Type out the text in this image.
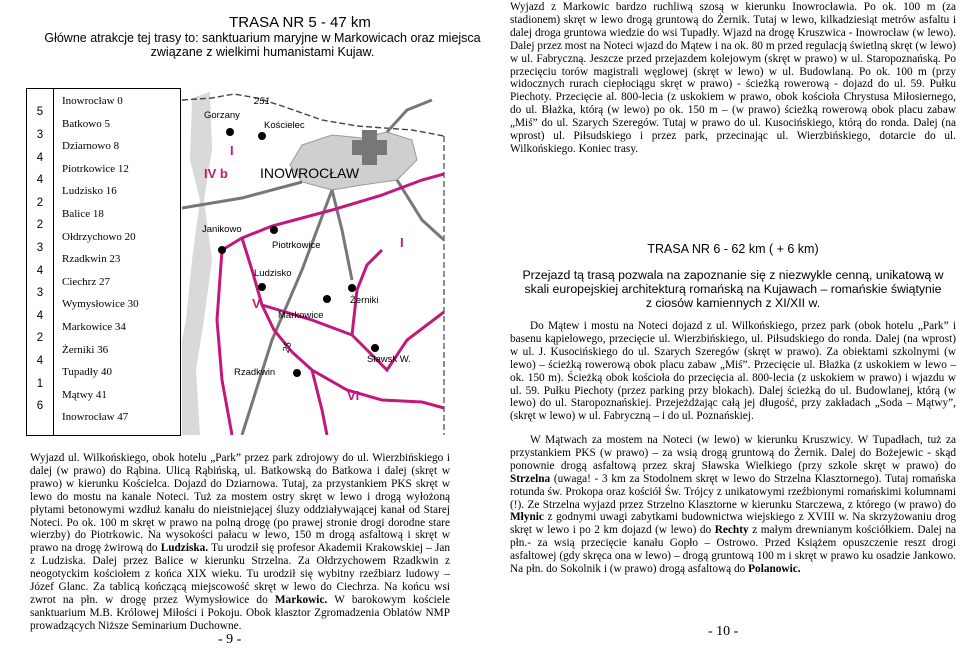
TRASA NR 5 - 47 km
Główne atrakcje tej trasy to: sanktuarium maryjne w Markowicach oraz miejsca związane z wielkimi humanistami Kujaw.
5
3
4
4
2
2
3
4
3
4
2
4
1
6
Inowrocław 0
Batkowo 5
Dziarnowo 8
Piotrkowice 12
Ludzisko 16
Balice 18
Ołdrzychowo 20
Rzadkwin 23
Ciechrz 27
Wymysłowice 30
Markowice 34
Żerniki 36
Tupadły 40
Mątwy 41
Inowrocław 47
Gorzany
Kościelec
Janikowo
Piotrkowice
Ludzisko
Markowice
Żerniki
Rzadkwin
Sławsk W.
251
25
INOWROCŁAW
IV b
I
V
VI
I

Wyjazd ul. Wilkońskiego, obok hotelu „Park” przez park zdrojowy do ul. Wierzbińskiego i dalej (w prawo) do Rąbina. Ulicą Rąbińską, ul. Batkowską do Batkowa i dalej (skręt w prawo) w kierunku Kościelca. Dojazd do Dziarnowa. Tutaj, za przystankiem PKS skręt w lewo do mostu na kanale Noteci. Tuż za mostem ostry skręt w lewo i drogą wyłożoną płytami betonowymi wzdłuż kanału do nieistniejącej śluzy oddziaływającej kanał od Starej Noteci. Po ok. 100 m skręt w prawo na polną drogę (po prawej stronie drogi dorodne stare wierzby) do Piotrkowic. Na wysokości pałacu w lewo, 150 m drogą asfaltową i skręt w prawo na drogę żwirową do Ludziska. Tu urodził się profesor Akademii Krakowskiej – Jan z Ludziska. Dalej przez Balice w kierunku Strzelna. Za Ołdrzychowem Rzadkwin z neogotyckim kościołem z końca XIX wieku. Tu urodził się wybitny rzeźbiarz ludowy – Józef Glanc. Za tablicą kończącą miejscowość skręt w lewo do Ciechrza. Na końcu wsi zwrot na płn. w drogę przez Wymysłowice do Markowic. W barokowym kościele sanktuarium M.B. Królowej Miłości i Pokoju. Obok klasztor Zgromadzenia Oblatów NMP prowadzących Niższe Seminarium Duchowne.

- 9 -

Wyjazd z Markowic bardzo ruchliwą szosą w kierunku Inowrocławia. Po ok. 100 m (za stadionem) skręt w lewo drogą gruntową do Żernik. Tutaj w lewo, kilkadziesiąt metrów asfaltu i dalej droga gruntowa wiedzie do wsi Tupadły. Wjazd na drogę Kruszwica - Inowrocław (w lewo). Dalej przez most na Noteci wjazd do Mątew i na ok. 80 m przed regulacją świetlną skręt (w lewo) w ul. Fabryczną. Jeszcze przed przejazdem kolejowym (skręt w prawo) w ul. Staropoznańską. Po przecięciu torów magistrali węglowej (skręt w lewo) w ul. Budowlaną. Po ok. 100 m (przy widocznych rurach ciepłociągu skręt w prawo) - ścieżką rowerową - dojazd do ul. 59. Pułku Piechoty. Przecięcie al. 800-lecia (z uskokiem w prawo, obok kościoła Chrystusa Miłosiernego, do ul. Błażka, którą (w lewo) po ok. 150 m – (w prawo) ścieżką rowerową obok placu zabaw „Miś” do ul. Szarych Szeregów. Tutaj w prawo do ul. Kusocińskiego, którą do ronda. Dalej (na wprost) ul. Piłsudskiego i przez park, przecinając ul. Wierzbińskiego, dotarcie do ul. Wilkońskiego. Koniec trasy.

TRASA NR 6 - 62 km ( + 6 km)
Przejazd tą trasą pozwala na zapoznanie się z niezwykle cenną, unikatową w skali europejskiej architekturą romańską na Kujawach – romańskie świątynie z ciosów kamiennych z XI/XII w.

Do Mątew i mostu na Noteci dojazd z ul. Wilkońskiego, przez park (obok hotelu „Park” i basenu kąpielowego, przecięcie ul. Wierzbińskiego, ul. Piłsudskiego do ronda. Dalej (na wprost) w ul. J. Kusocińskiego do ul. Szarych Szeregów (skręt w prawo). Za obiektami szkolnymi (w lewo) – ścieżką rowerową obok placu zabaw „Miś”. Przecięcie ul. Błażka (z uskokiem w lewo – ok. 150 m). Ścieżką obok kościoła do przecięcia al. 800-lecia (z uskokiem w prawo) i wjazdu w ul. 59. Pułku Piechoty (przez parking przy blokach). Dalej ścieżką do ul. Budowlanej, którą (w lewo) do ul. Staropoznańskiej. Przejeżdżając całą jej długość, przy zakładach „Soda – Mątwy”, (skręt w lewo) w ul. Fabryczną – i do ul. Poznańskiej.

W Mątwach za mostem na Noteci (w lewo) w kierunku Kruszwicy. W Tupadłach, tuż za przystankiem PKS (w prawo) – za wsią drogą gruntową do Żernik. Dalej do Bożejewic - skąd ponownie drogą asfaltową przez skraj Sławska Wielkiego (przy szkole skręt w prawo) do Strzelna (uwaga! - 3 km za Stodolnem skręt w lewo do Strzelna Klasztornego). Tutaj romańska rotunda św. Prokopa oraz kościół Św. Trójcy z unikatowymi rzeźbionymi romańskimi kolumnami (!). Ze Strzelna wyjazd przez Strzelno Klasztorne w kierunku Starczewa, z którego (w prawo) do Młynic z godnymi uwagi zabytkami budownictwa wiejskiego z XVIII w. Na skrzyżowaniu drog skręt w lewo i po 2 km dojazd (w lewo) do Rechty z małym drewnianym kościółkiem. Dalej na płn.- za wsią przecięcie kanału Gopło – Ostrowo. Przed Książem opuszczenie reszt drogi asfaltowej (gdy skręca ona w lewo) – drogą gruntową 100 m i skręt w prawo ku osadzie Jankowo. Na płn. do Sokolnik i (w prawo) drogą asfaltową do Polanowic.

- 10 -
